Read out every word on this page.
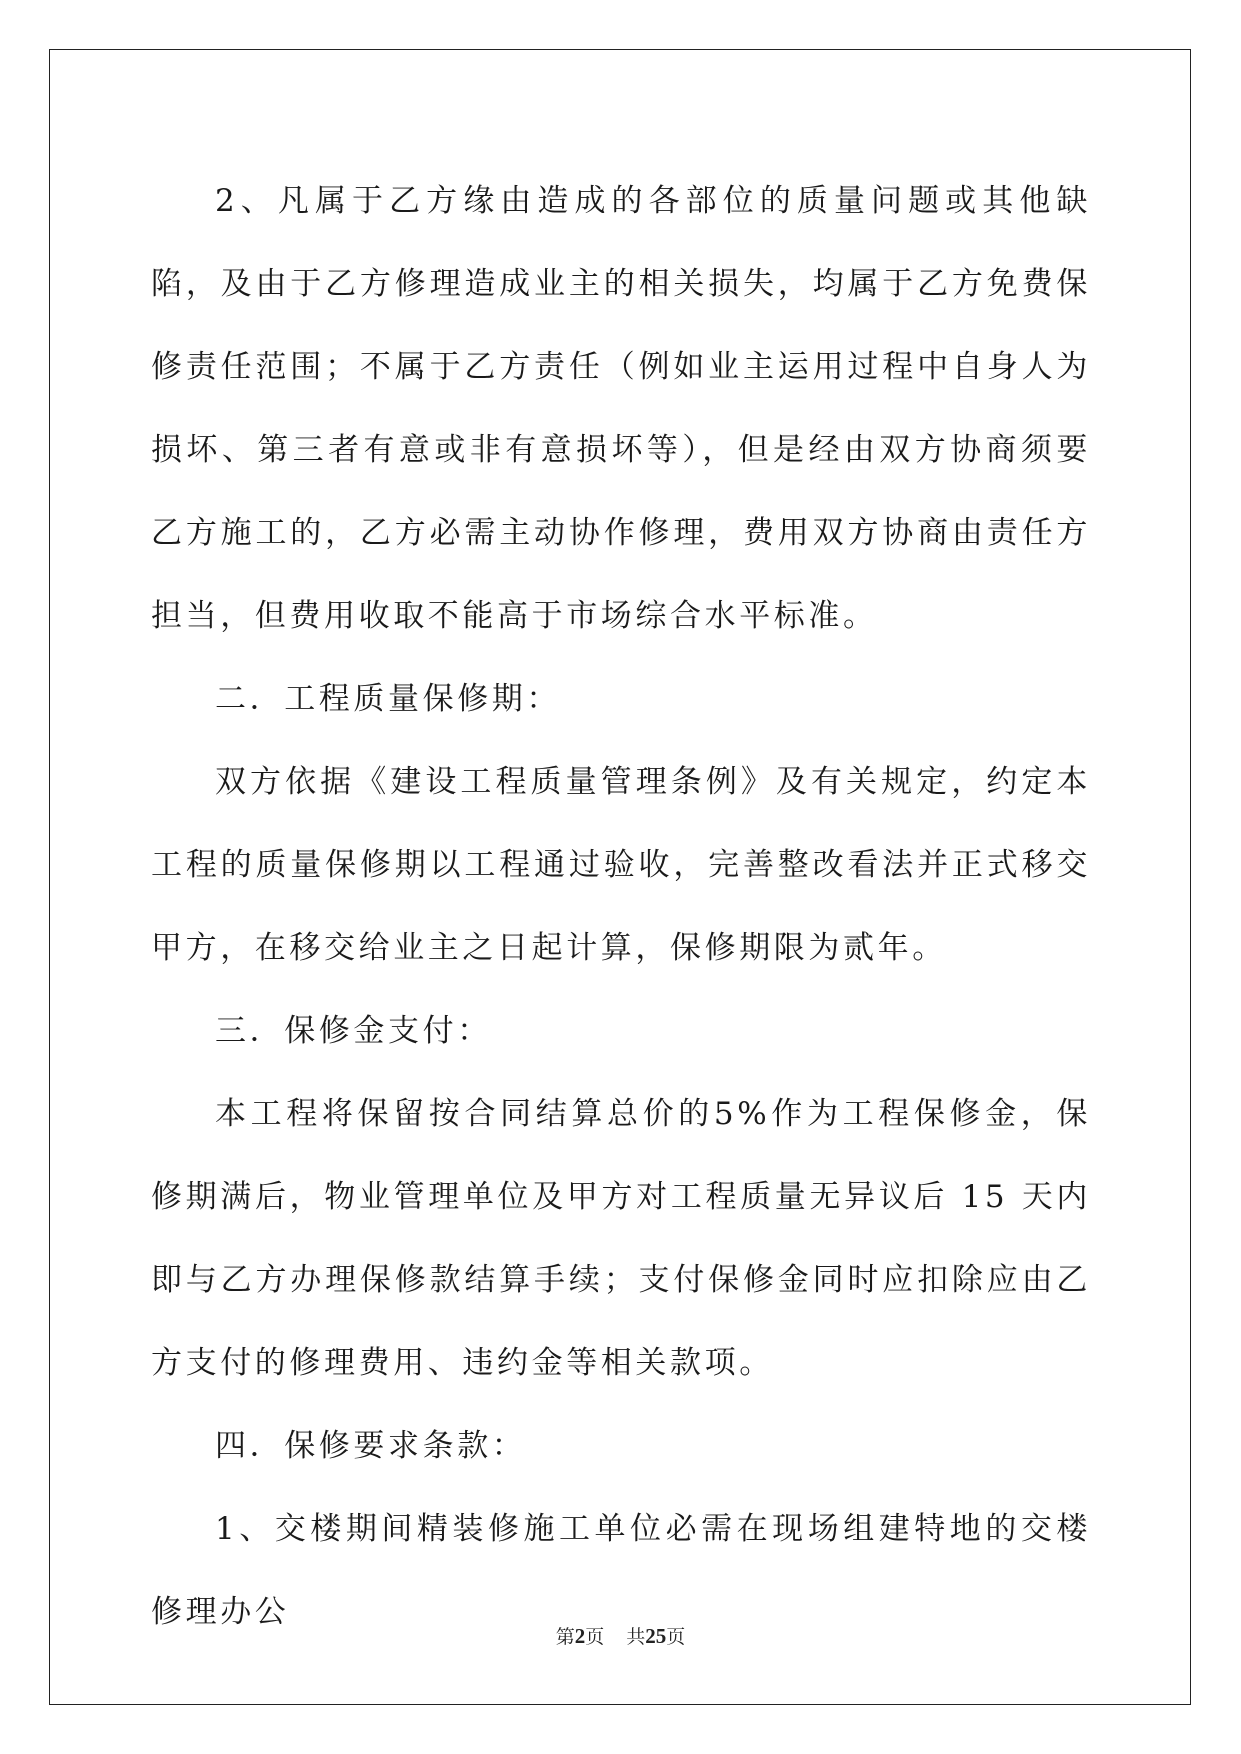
2、凡属于乙方缘由造成的各部位的质量问题或其他缺陷，及由于乙方修理造成业主的相关损失，均属于乙方免费保修责任范围；不属于乙方责任（例如业主运用过程中自身人为损坏、第三者有意或非有意损坏等），但是经由双方协商须要乙方施工的，乙方必需主动协作修理，费用双方协商由责任方担当，但费用收取不能高于市场综合水平标准。

二．工程质量保修期：

双方依据《建设工程质量管理条例》及有关规定，约定本工程的质量保修期以工程通过验收，完善整改看法并正式移交甲方，在移交给业主之日起计算，保修期限为贰年。

三．保修金支付：

本工程将保留按合同结算总价的5%作为工程保修金，保修期满后，物业管理单位及甲方对工程质量无异议后 15 天内即与乙方办理保修款结算手续；支付保修金同时应扣除应由乙方支付的修理费用、违约金等相关款项。

四．保修要求条款：

1、交楼期间精装修施工单位必需在现场组建特地的交楼修理办公

第2页 共25页
